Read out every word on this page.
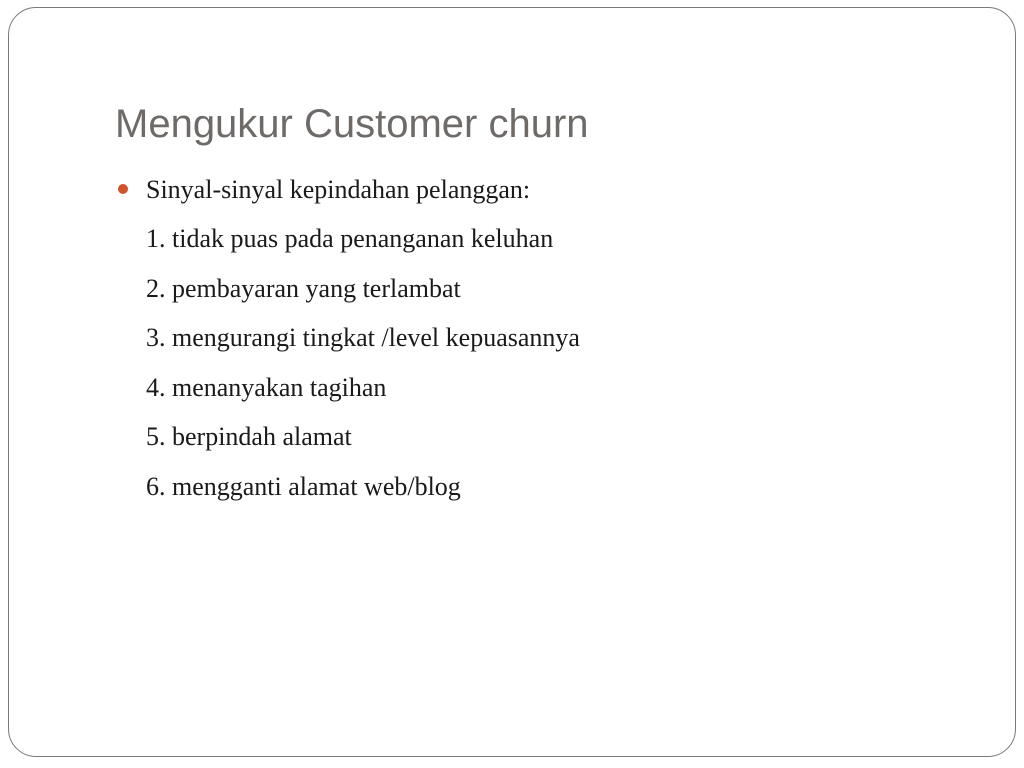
Mengukur Customer churn
Sinyal-sinyal kepindahan pelanggan:
1. tidak puas pada penanganan keluhan
2. pembayaran yang terlambat
3. mengurangi tingkat /level kepuasannya
4. menanyakan tagihan
5. berpindah alamat
6. mengganti alamat web/blog
